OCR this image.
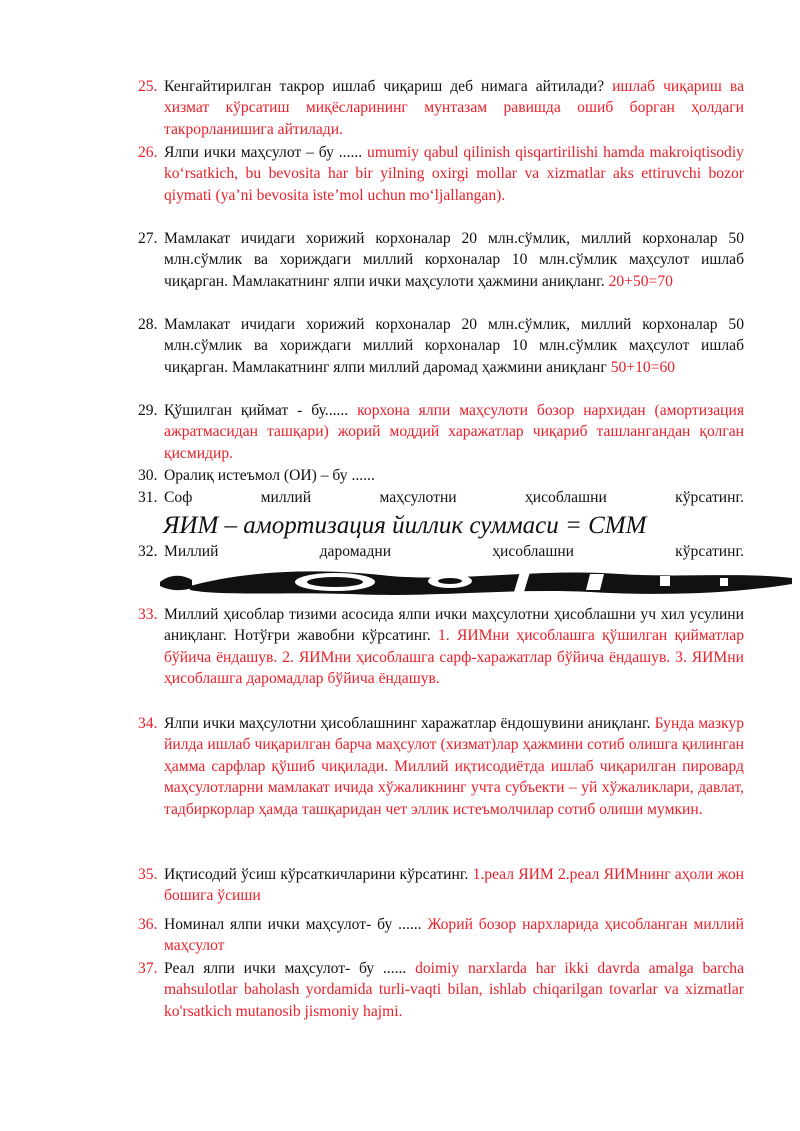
25. Кенгайтирилган такрор ишлаб чиқариш деб нимага айтилади? ишлаб чиқариш ва хизмат кўрсатиш миқёсларининг мунтазам равишда ошиб борган ҳолдаги такрорланишига айтилади.
26. Ялпи ички маҳсулот – бу ...... umumiy qabul qilinish qisqartirilishi hamda makroiqtisodiy koʻrsatkich, bu bevosita har bir yilning oxirgi mollar va xizmatlar aks ettiruvchi bozor qiymati (yaʼni bevosita isteʼmol uchun moʻljallangan).
27. Мамлакат ичидаги хорижий корхоналар 20 млн.сўмлик, миллий корхоналар 50 млн.сўмлик ва хориждаги миллий корхоналар 10 млн.сўмлик маҳсулот ишлаб чиқарган. Мамлакатнинг ялпи ички маҳсулоти ҳажмини аниқланг. 20+50=70
28. Мамлакат ичидаги хорижий корхоналар 20 млн.сўмлик, миллий корхоналар 50 млн.сўмлик ва хориждаги миллий корхоналар 10 млн.сўмлик маҳсулот ишлаб чиқарган. Мамлакатнинг ялпи миллий даромад ҳажмини аниқланг 50+10=60
29. Қўшилган қиймат - бу...... корхона ялпи маҳсулоти бозор нархидан (амортизация ажратмасидан ташқари) жорий моддий харажатлар чиқариб ташлангандан қолган қисмидир.
30. Оралиқ истеъмол (ОИ) – бу ......
31. Соф миллий маҳсулотни ҳисоблашни кўрсатинг.
ЯИМ – амортизация йиллик суммаси = СММ
32. Миллий даромадни ҳисоблашни кўрсатинг.
33. Миллий ҳисоблар тизими асосида ялпи ички маҳсулотни ҳисоблашни уч хил усулини аниқланг. Нотўғри жавобни кўрсатинг. 1. ЯИМни ҳисоблашга қўшилган қийматлар бўйича ёндашув. 2. ЯИМни ҳисоблашга сарф-харажатлар бўйича ёндашув. 3. ЯИМни ҳисоблашга даромадлар бўйича ёндашув.
34. Ялпи ички маҳсулотни ҳисоблашнинг харажатлар ёндошувини аниқланг. Бунда мазкур йилда ишлаб чиқарилган барча маҳсулот (хизмат)лар ҳажмини сотиб олишга қилинган ҳамма сарфлар қўшиб чиқилади. Миллий иқтисодиётда ишлаб чиқарилган пировард маҳсулотларни мамлакат ичида хўжаликнинг учта субъекти – уй хўжаликлари, давлат, тадбиркорлар ҳамда ташқаридан чет эллик истеъмолчилар сотиб олиши мумкин.
35. Иқтисодий ўсиш кўрсаткичларини кўрсатинг. 1.реал ЯИМ 2.реал ЯИМнинг аҳоли жон бошига ўсиши
36. Номинал ялпи ички маҳсулот- бу ...... Жорий бозор нархларида ҳисобланган миллий маҳсулот
37. Реал ялпи ички маҳсулот- бу ...... doimiy narxlarda har ikki davrda amalga barcha mahsulotlar baholash yordamida turli-vaqti bilan, ishlab chiqarilgan tovarlar va xizmatlar ko'rsatkich mutanosib jismoniy hajmi.
